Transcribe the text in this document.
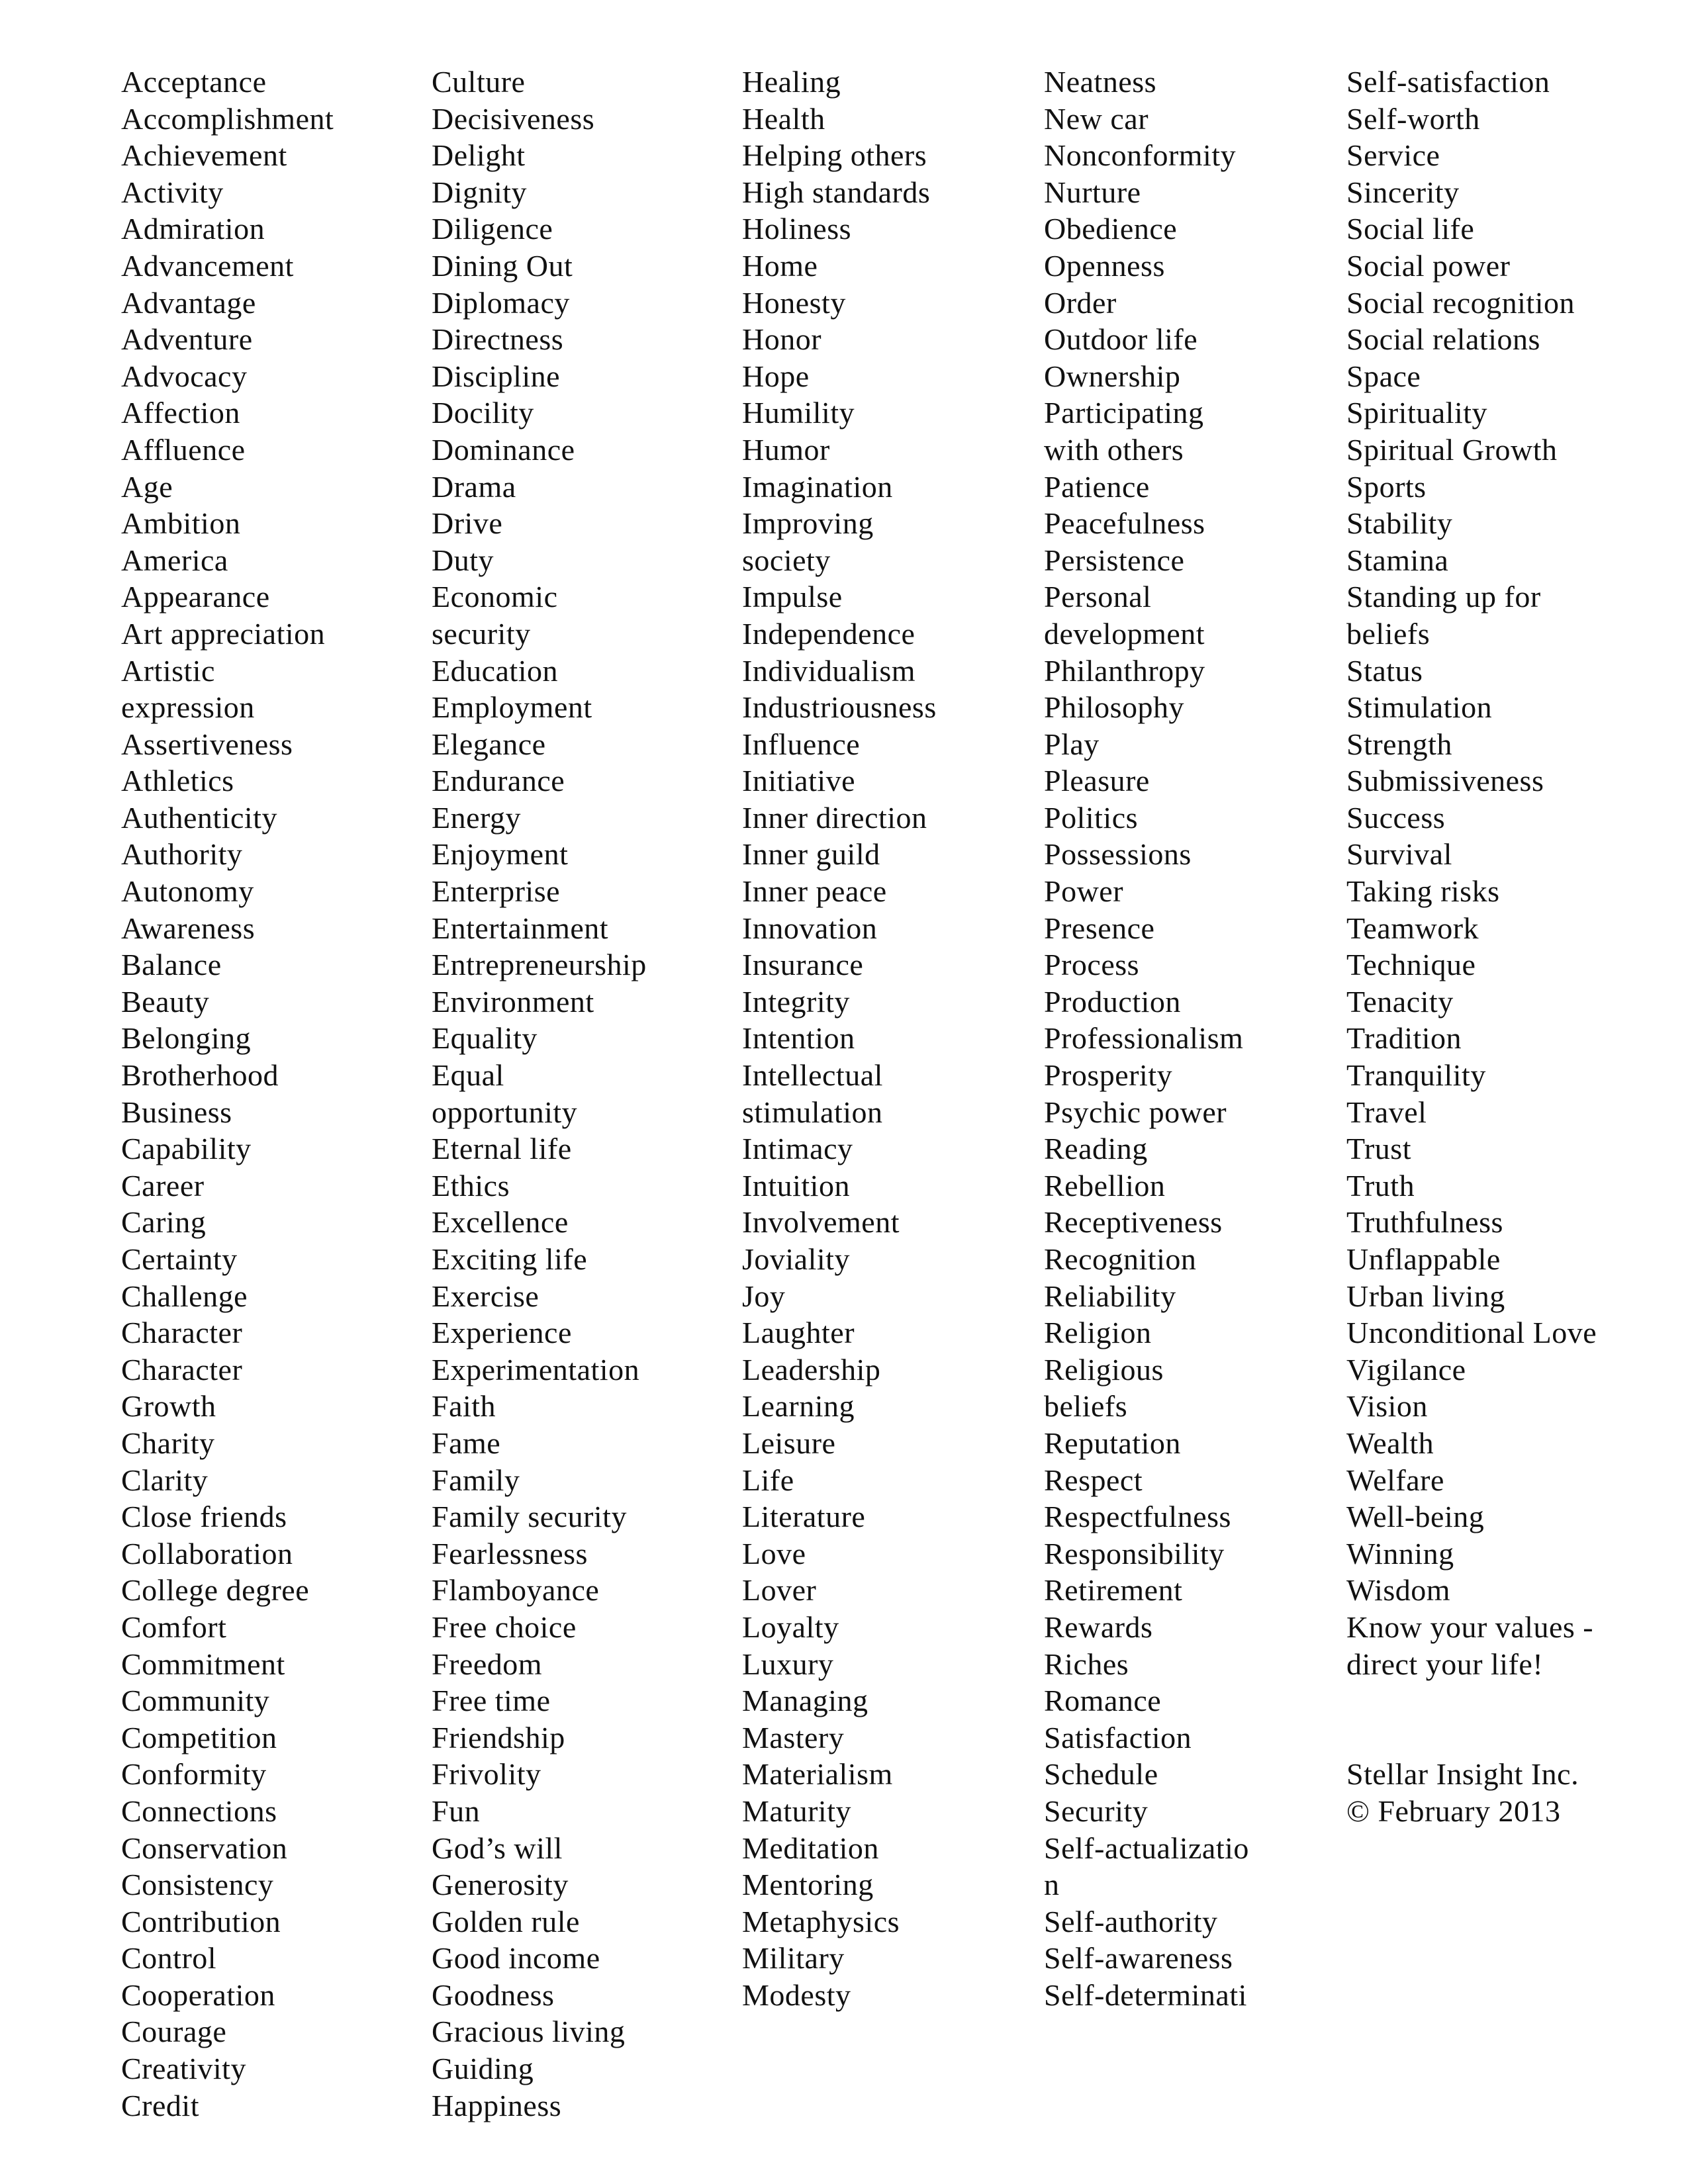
Acceptance
Accomplishment
Achievement
Activity
Admiration
Advancement
Advantage
Adventure
Advocacy
Affection
Affluence
Age
Ambition
America
Appearance
Art appreciation
Artistic
expression
Assertiveness
Athletics
Authenticity
Authority
Autonomy
Awareness
Balance
Beauty
Belonging
Brotherhood
Business
Capability
Career
Caring
Certainty
Challenge
Character
Character
Growth
Charity
Clarity
Close friends
Collaboration
College degree
Comfort
Commitment
Community
Competition
Conformity
Connections
Conservation
Consistency
Contribution
Control
Cooperation
Courage
Creativity
Credit
Culture
Decisiveness
Delight
Dignity
Diligence
Dining Out
Diplomacy
Directness
Discipline
Docility
Dominance
Drama
Drive
Duty
Economic
security
Education
Employment
Elegance
Endurance
Energy
Enjoyment
Enterprise
Entertainment
Entrepreneurship
Environment
Equality
Equal
opportunity
Eternal life
Ethics
Excellence
Exciting life
Exercise
Experience
Experimentation
Faith
Fame
Family
Family security
Fearlessness
Flamboyance
Free choice
Freedom
Free time
Friendship
Frivolity
Fun
God’s will
Generosity
Golden rule
Good income
Goodness
Gracious living
Guiding
Happiness
Healing
Health
Helping others
High standards
Holiness
Home
Honesty
Honor
Hope
Humility
Humor
Imagination
Improving
society
Impulse
Independence
Individualism
Industriousness
Influence
Initiative
Inner direction
Inner guild
Inner peace
Innovation
Insurance
Integrity
Intention
Intellectual
stimulation
Intimacy
Intuition
Involvement
Joviality
Joy
Laughter
Leadership
Learning
Leisure
Life
Literature
Love
Lover
Loyalty
Luxury
Managing
Mastery
Materialism
Maturity
Meditation
Mentoring
Metaphysics
Military
Modesty
Neatness
New car
Nonconformity
Nurture
Obedience
Openness
Order
Outdoor life
Ownership
Participating
with others
Patience
Peacefulness
Persistence
Personal
development
Philanthropy
Philosophy
Play
Pleasure
Politics
Possessions
Power
Presence
Process
Production
Professionalism
Prosperity
Psychic power
Reading
Rebellion
Receptiveness
Recognition
Reliability
Religion
Religious
beliefs
Reputation
Respect
Respectfulness
Responsibility
Retirement
Rewards
Riches
Romance
Satisfaction
Schedule
Security
Self-actualizatio
n
Self-authority
Self-awareness
Self-determinati
Self-satisfaction
Self-worth
Service
Sincerity
Social life
Social power
Social recognition
Social relations
Space
Spirituality
Spiritual Growth
Sports
Stability
Stamina
Standing up for
beliefs
Status
Stimulation
Strength
Submissiveness
Success
Survival
Taking risks
Teamwork
Technique
Tenacity
Tradition
Tranquility
Travel
Trust
Truth
Truthfulness
Unflappable
Urban living
Unconditional Love
Vigilance
Vision
Wealth
Welfare
Well-being
Winning
Wisdom
Know your values -
direct your life!

Stellar Insight Inc.
© February 2013
